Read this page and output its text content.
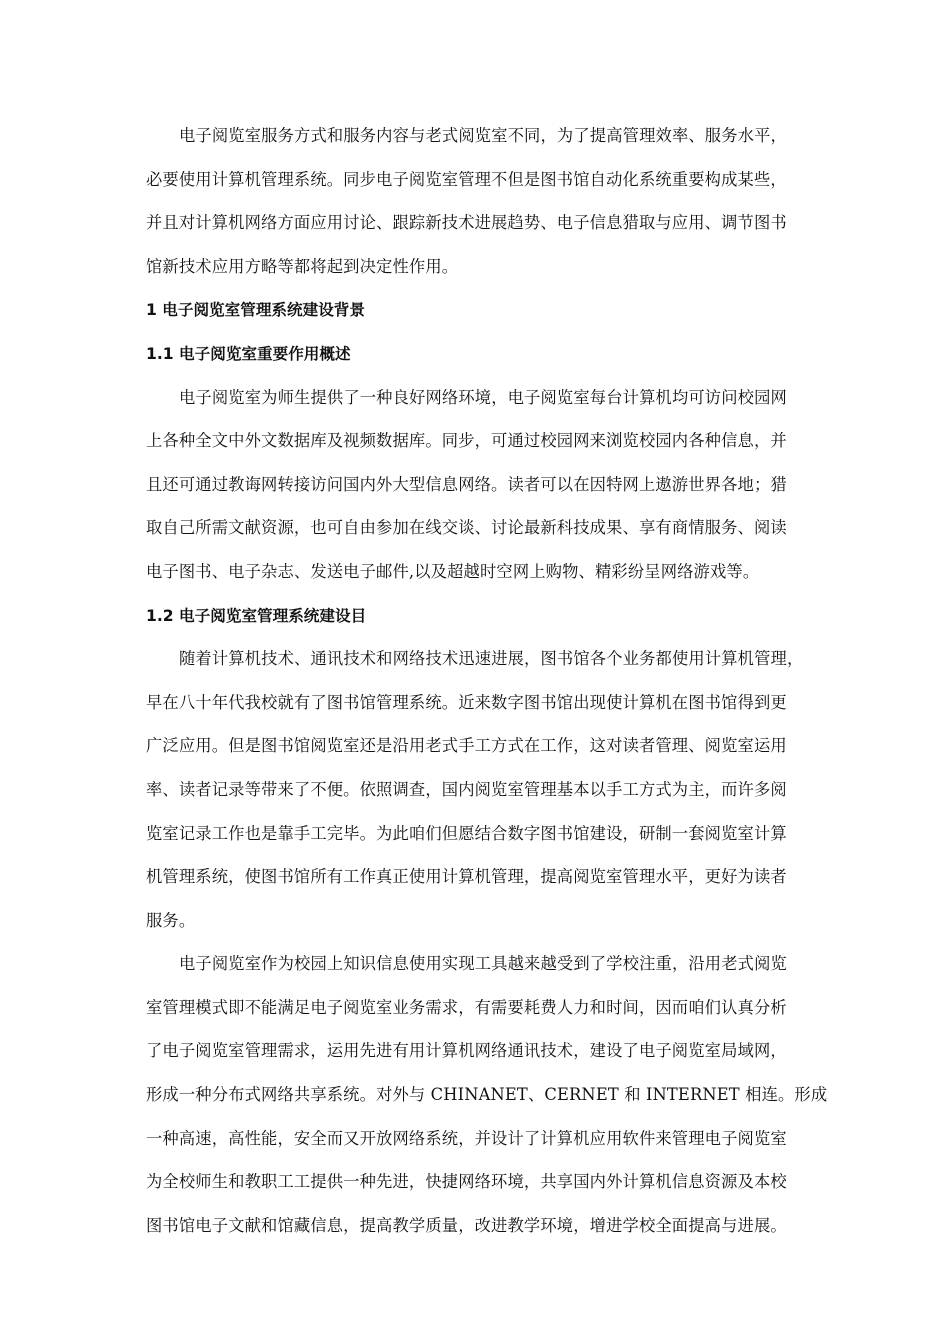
电子阅览室服务方式和服务内容与老式阅览室不同，为了提高管理效率、服务水平，
必要使用计算机管理系统。同步电子阅览室管理不但是图书馆自动化系统重要构成某些，
并且对计算机网络方面应用讨论、跟踪新技术进展趋势、电子信息猎取与应用、调节图书
馆新技术应用方略等都将起到决定性作用。
1 电子阅览室管理系统建设背景
1.1 电子阅览室重要作用概述
电子阅览室为师生提供了一种良好网络环境，电子阅览室每台计算机均可访问校园网
上各种全文中外文数据库及视频数据库。同步，可通过校园网来浏览校园内各种信息，并
且还可通过教诲网转接访问国内外大型信息网络。读者可以在因特网上遨游世界各地；猎
取自己所需文献资源，也可自由参加在线交谈、讨论最新科技成果、享有商情服务、阅读
电子图书、电子杂志、发送电子邮件,以及超越时空网上购物、精彩纷呈网络游戏等。
1.2 电子阅览室管理系统建设目
随着计算机技术、通讯技术和网络技术迅速进展，图书馆各个业务都使用计算机管理，
早在八十年代我校就有了图书馆管理系统。近来数字图书馆出现使计算机在图书馆得到更
广泛应用。但是图书馆阅览室还是沿用老式手工方式在工作，这对读者管理、阅览室运用
率、读者记录等带来了不便。依照调查，国内阅览室管理基本以手工方式为主，而许多阅
览室记录工作也是靠手工完毕。为此咱们但愿结合数字图书馆建设，研制一套阅览室计算
机管理系统，使图书馆所有工作真正使用计算机管理，提高阅览室管理水平，更好为读者
服务。
电子阅览室作为校园上知识信息使用实现工具越来越受到了学校注重，沿用老式阅览
室管理模式即不能满足电子阅览室业务需求，有需要耗费人力和时间，因而咱们认真分析
了电子阅览室管理需求，运用先进有用计算机网络通讯技术，建设了电子阅览室局域网，
形成一种分布式网络共享系统。对外与 CHINANET、CERNET 和 INTERNET 相连。形成
一种高速，高性能，安全而又开放网络系统，并设计了计算机应用软件来管理电子阅览室
为全校师生和教职工工提供一种先进，快捷网络环境，共享国内外计算机信息资源及本校
图书馆电子文献和馆藏信息，提高教学质量，改进教学环境，增进学校全面提高与进展。
